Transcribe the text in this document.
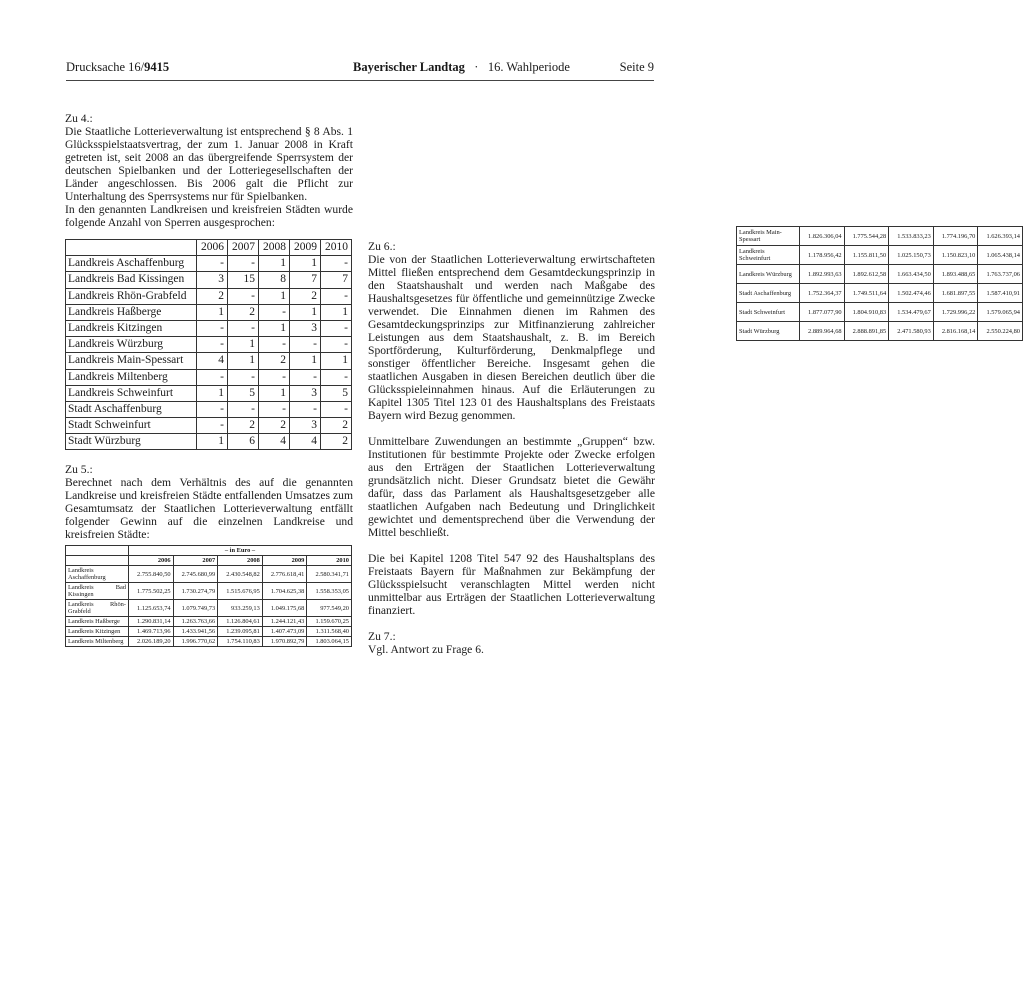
Drucksache 16/9415	Bayerischer Landtag   ·   16. Wahlperiode	Seite 9

Zu 4.:

Die Staatliche Lotterieverwaltung ist entsprechend § 8 Abs. 1 Glücksspielstaatsvertrag, der zum 1. Januar 2008 in Kraft getreten ist, seit 2008 an das übergreifende Sperrsystem der deutschen Spielbanken und der Lotteriegesellschaften der Länder angeschlossen. Bis 2006 galt die Pflicht zur Unterhaltung des Sperrsystems nur für Spielbanken.

In den genannten Landkreisen und kreisfreien Städten wurde folgende Anzahl von Sperren ausgesprochen:

	2006	2007	2008	2009	2010
Landkreis Aschaffenburg	-	-	1	1	-
Landkreis Bad Kissingen	3	15	8	7	7
Landkreis Rhön-Grabfeld	2	-	1	2	-
Landkreis Haßberge	1	2	-	1	1
Landkreis Kitzingen	-	-	1	3	-
Landkreis Würzburg	-	1	-	-	-
Landkreis Main-Spessart	4	1	2	1	1
Landkreis Miltenberg	-	-	-	-	-
Landkreis Schweinfurt	1	5	1	3	5
Stadt Aschaffenburg	-	-	-	-	-
Stadt Schweinfurt	-	2	2	3	2
Stadt Würzburg	1	6	4	4	2

Zu 5.:

Berechnet nach dem Verhältnis des auf die genannten Landkreise und kreisfreien Städte entfallenden Umsatzes zum Gesamtumsatz der Staatlichen Lotterieverwaltung entfällt folgender Gewinn auf die einzelnen Landkreise und kreisfreien Städte:

	– in Euro –				
	2006	2007	2008	2009	2010
Landkreis Aschaffenburg	2.755.840,50	2.745.680,99	2.430.548,82	2.776.618,41	2.580.341,71
Landkreis Bad Kissingen	1.775.502,25	1.730.274,79	1.515.676,95	1.704.625,38	1.558.353,05
Landkreis Rhön-Grabfeld	1.125.653,74	1.079.749,73	933.259,13	1.049.175,68	977.549,20
Landkreis Haßberge	1.290.831,14	1.263.763,66	1.126.804,61	1.244.121,43	1.159.670,25
Landkreis Kitzingen	1.469.713,96	1.433.941,56	1.239.095,81	1.407.473,09	1.311.568,40
Landkreis Miltenberg	2.026.189,20	1.996.770,62	1.754.110,83	1.970.892,79	1.803.064,15
Landkreis Main-Spessart	1.826.306,04	1.775.544,28	1.533.833,23	1.774.196,70	1.626.393,14
Landkreis Schweinfurt	1.178.956,42	1.155.811,50	1.025.150,73	1.150.823,10	1.065.438,14
Landkreis Würzburg	1.892.993,63	1.892.612,58	1.663.434,50	1.893.488,65	1.763.737,06
Stadt Aschaffenburg	1.752.364,37	1.749.511,64	1.502.474,46	1.681.897,55	1.587.410,91
Stadt Schweinfurt	1.877.077,90	1.804.910,83	1.534.479,67	1.729.996,22	1.579.065,94
Stadt Würzburg	2.889.964,68	2.888.891,85	2.471.580,93	2.816.168,14	2.550.224,80

Zu 6.:

Die von der Staatlichen Lotterieverwaltung erwirtschafteten Mittel fließen entsprechend dem Gesamtdeckungsprinzip in den Staatshaushalt und werden nach Maßgabe des Haushaltsgesetzes für öffentliche und gemeinnützige Zwecke verwendet. Die Einnahmen dienen im Rahmen des Gesamtdeckungsprinzips zur Mitfinanzierung zahlreicher Leistungen aus dem Staatshaushalt, z. B. im Bereich Sportförderung, Kulturförderung, Denkmalpflege und sonstiger öffentlicher Bereiche. Insgesamt gehen die staatlichen Ausgaben in diesen Bereichen deutlich über die Glücksspieleinnahmen hinaus. Auf die Erläuterungen zu Kapitel 1305 Titel 123 01 des Haushaltsplans des Freistaats Bayern wird Bezug genommen.

Unmittelbare Zuwendungen an bestimmte „Gruppen“ bzw. Institutionen für bestimmte Projekte oder Zwecke erfolgen aus den Erträgen der Staatlichen Lotterieverwaltung grundsätzlich nicht. Dieser Grundsatz bietet die Gewähr dafür, dass das Parlament als Haushaltsgesetzgeber alle staatlichen Aufgaben nach Bedeutung und Dringlichkeit gewichtet und dementsprechend über die Verwendung der Mittel beschließt.

Die bei Kapitel 1208 Titel 547 92 des Haushaltsplans des Freistaats Bayern für Maßnahmen zur Bekämpfung der Glücksspielsucht veranschlagten Mittel werden nicht unmittelbar aus Erträgen der Staatlichen Lotterieverwaltung finanziert.

Zu 7.:

Vgl. Antwort zu Frage 6.
